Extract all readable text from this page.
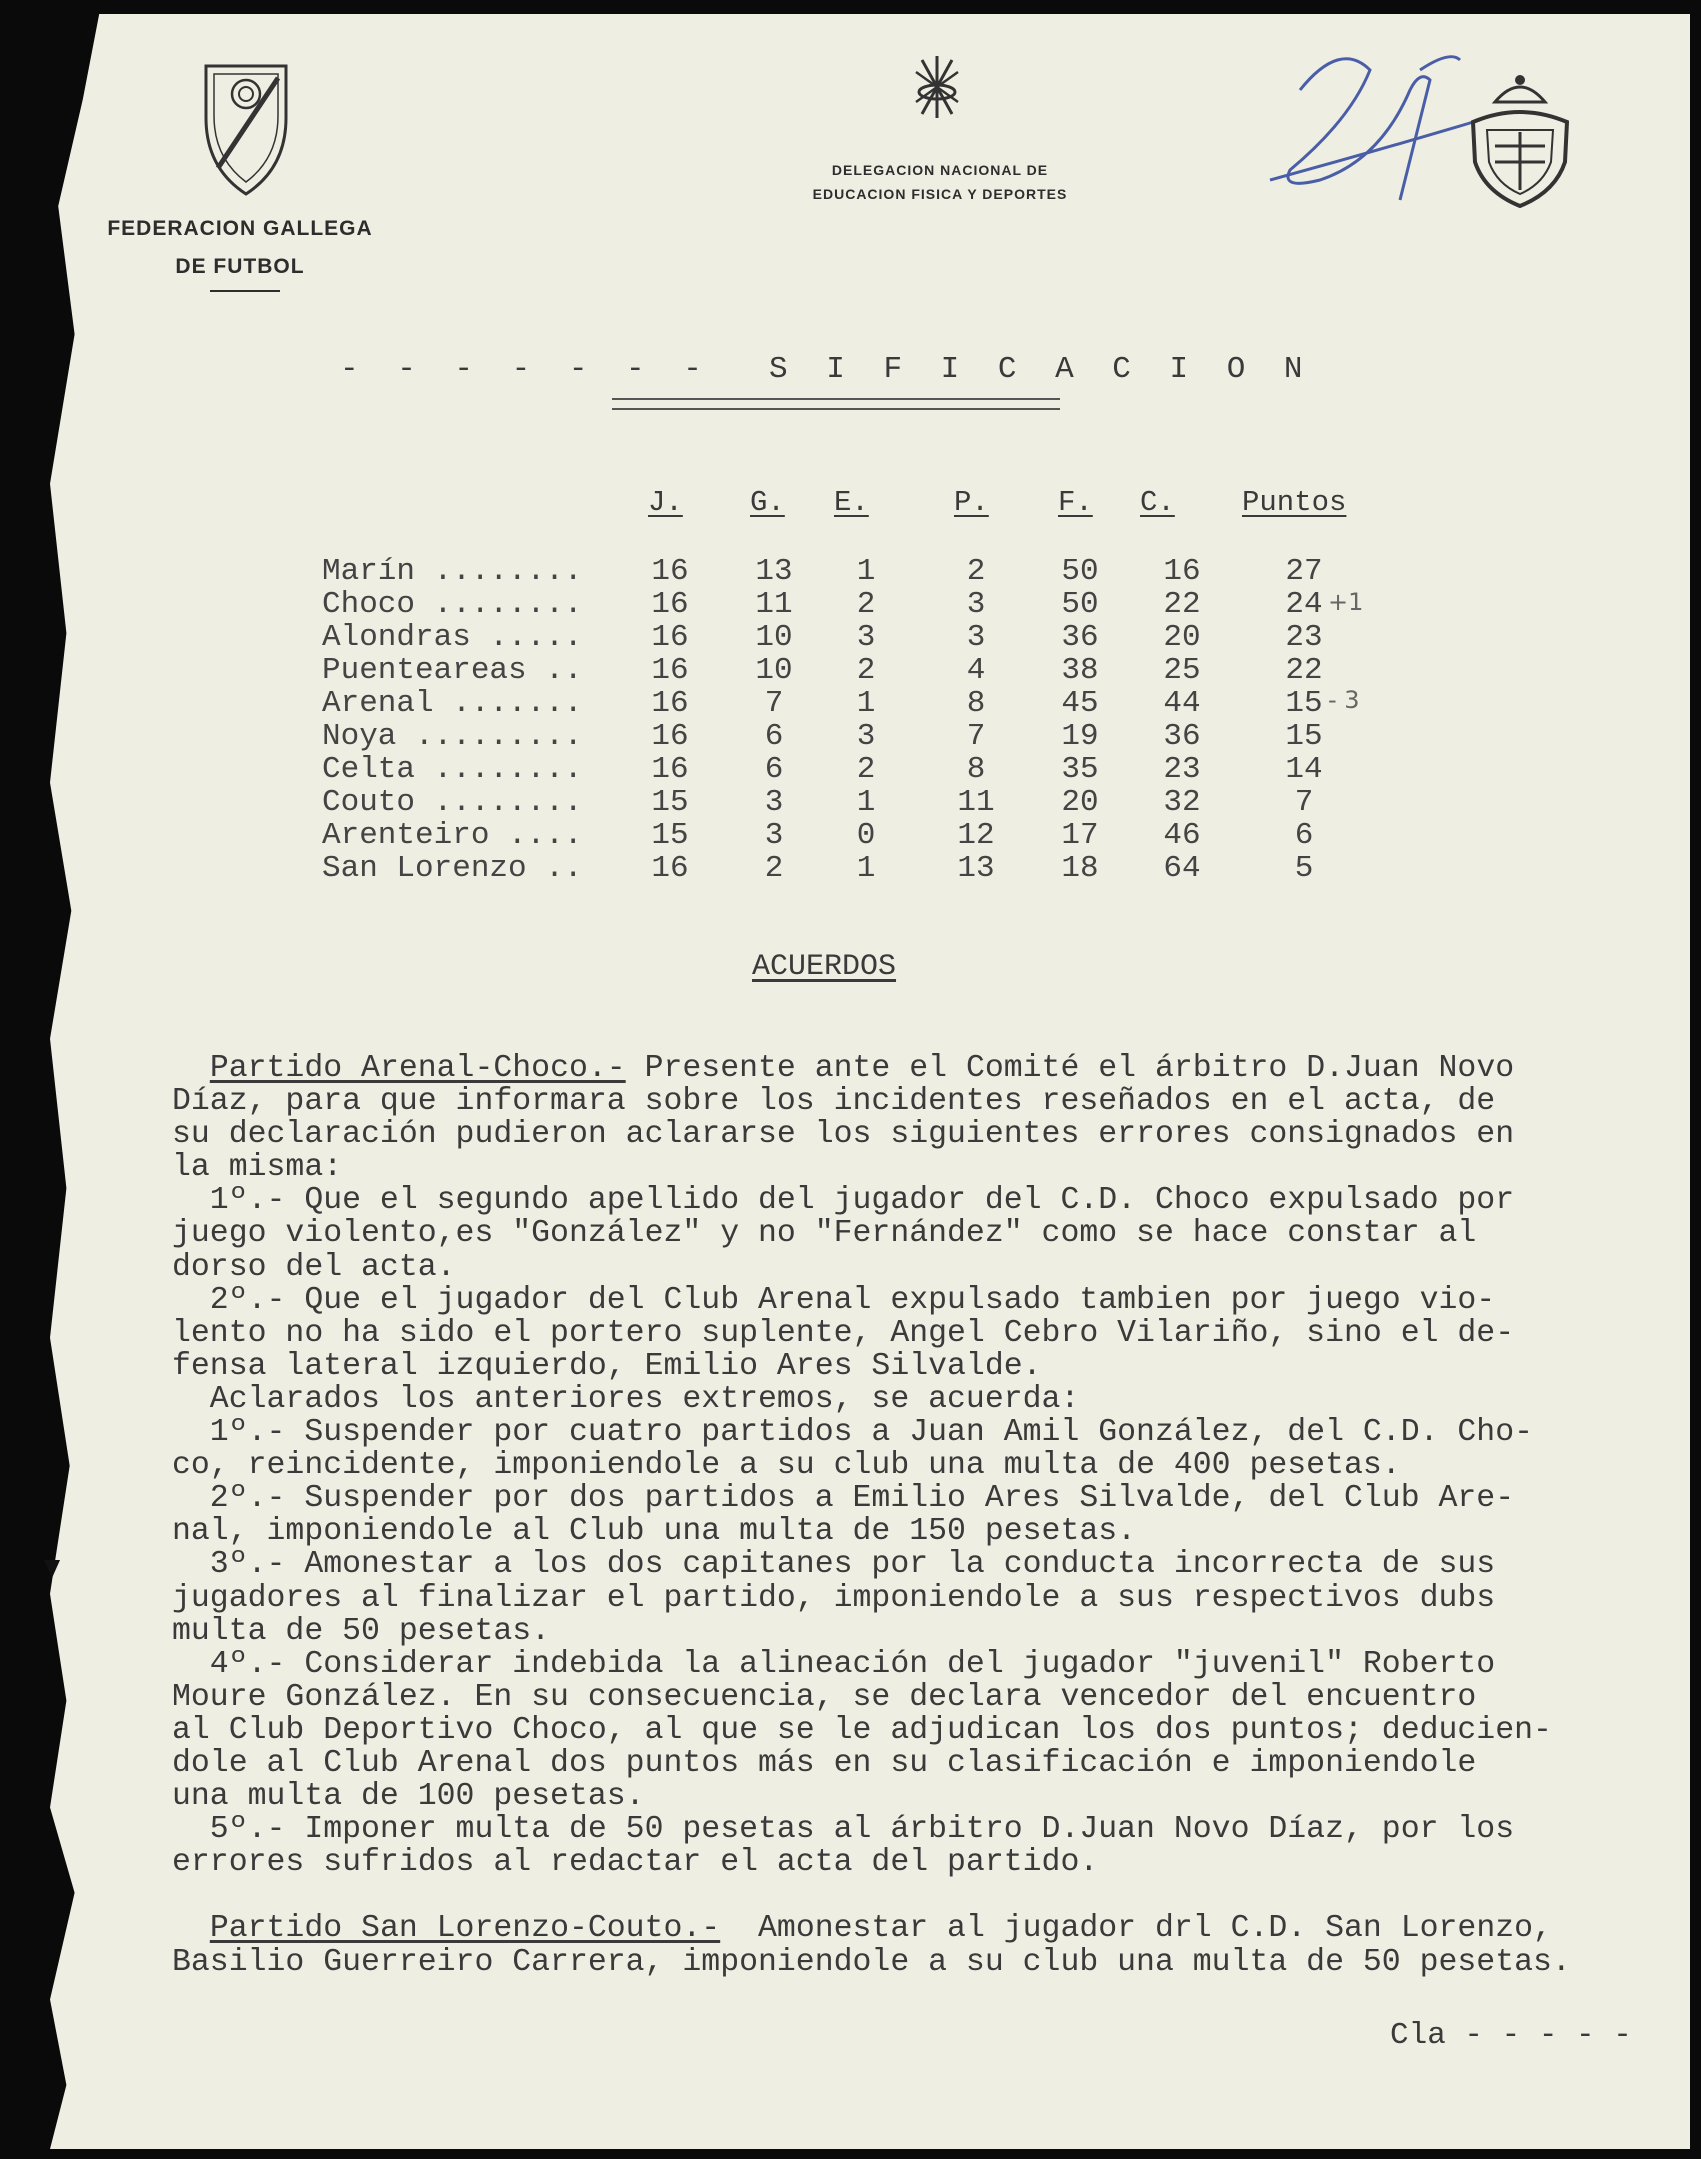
FEDERACION GALLEGA
DE FUTBOL
DELEGACION NACIONAL DE
EDUCACION FISICA Y DEPORTES
- - - - - - -  S I F I C A C I O N
J. G. E.	P. F. C. Puntos
Marín ........ 16 13	1	2	50 16	27
Choco ........ 16 11	2	3	50 22	24
Alondras ..... 16 10	3	3	36 20	23
Puenteareas .. 16 10	2	4	38 25	22
Arenal ....... 16	7	1	8	45 44	15
Noya ......... 16	6	3	7	19 36	15
Celta ........ 16	6	2	8	35 23	14
Couto ........ 15	3	1	11 20 32	7
Arenteiro .... 15	3	0	12 17 46	6
San Lorenzo .. 16	2	1	13 18 64	5
+1
- 3
ACUERDOS
Partido Arenal-Choco.- Presente ante el Comité el árbitro D.Juan Novo
Díaz, para que informara sobre los incidentes reseñados en el acta, de
su declaración pudieron aclararse los siguientes errores consignados en
la misma:
1º.- Que el segundo apellido del jugador del C.D. Choco expulsado por
juego violento,es "González" y no "Fernández" como se hace constar al
dorso del acta.
2º.- Que el jugador del Club Arenal expulsado tambien por juego vio-
lento no ha sido el portero suplente, Angel Cebro Vilariño, sino el de-
fensa lateral izquierdo, Emilio Ares Silvalde.
Aclarados los anteriores extremos, se acuerda:
1º.- Suspender por cuatro partidos a Juan Amil González, del C.D. Cho-
co, reincidente, imponiendole a su club una multa de 400 pesetas.
2º.- Suspender por dos partidos a Emilio Ares Silvalde, del Club Are-
nal, imponiendole al Club una multa de 150 pesetas.
3º.- Amonestar a los dos capitanes por la conducta incorrecta de sus
jugadores al finalizar el partido, imponiendole a sus respectivos dubs
multa de 50 pesetas.
4º.- Considerar indebida la alineación del jugador "juvenil" Roberto
Moure González. En su consecuencia, se declara vencedor del encuentro
al Club Deportivo Choco, al que se le adjudican los dos puntos; deducien-
dole al Club Arenal dos puntos más en su clasificación e imponiendole
una multa de 100 pesetas.
5º.- Imponer multa de 50 pesetas al árbitro D.Juan Novo Díaz, por los
errores sufridos al redactar el acta del partido.

Partido San Lorenzo-Couto.-  Amonestar al jugador drl C.D. San Lorenzo,
Basilio Guerreiro Carrera, imponiendole a su club una multa de 50 pesetas.
Cla - - - - -
